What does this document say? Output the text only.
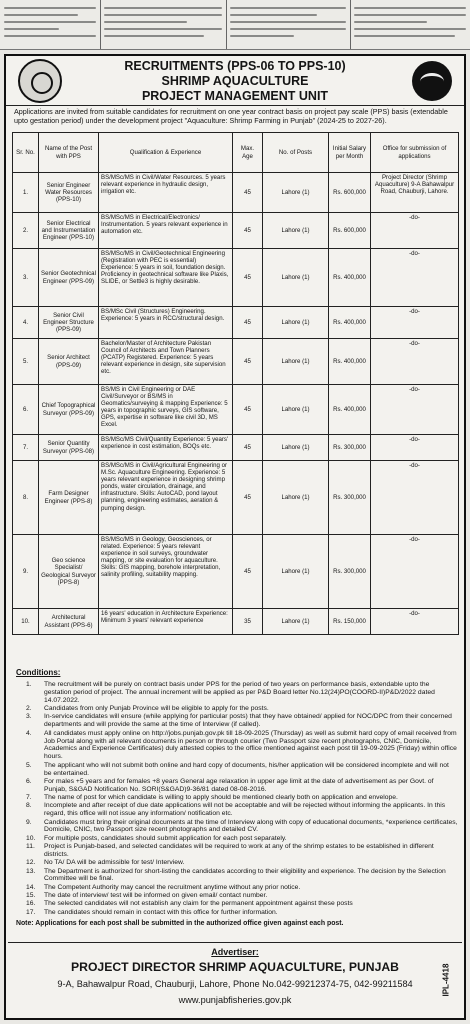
RECRUITMENTS (PPS-06 TO PPS-10)
SHRIMP AQUACULTURE
PROJECT MANAGEMENT UNIT
Applications are invited from suitable candidates for recruitment on one year contract basis on project pay scale (PPS) basis (extendable upto gestation period) under the development project "Aquaculture: Shrimp Farming in Punjab" (2024-25 to 2027-26).
Sr. No.	Name of the Post with PPS	Qualification & Experience	Max. Age	No. of Posts	Initial Salary per Month	Office for submission of applications
1.	Senior Engineer Water Resources (PPS-10)	BS/MSc/MS in Civil/Water Resources. 5 years relevant experience in hydraulic design, irrigation etc.	45	Lahore (1)	Rs. 600,000	Project Director (Shrimp Aquaculture) 9-A Bahawalpur Road, Chauburji, Lahore.
2.	Senior Electrical and Instrumentation Engineer (PPS-10)	BS/MSc/MS in Electrical/Electronics/ Instrumentation. 5 years relevant experience in automation etc.	45	Lahore (1)	Rs. 600,000	-do-
3.	Senior Geotechnical Engineer (PPS-09)	BS/MSc/MS in Civil/Geotechnical Engineering (Registration with PEC is essential) Experience: 5 years in soil, foundation design. Proficiency in geotechnical software like Plaxis, SLIDE, or Settle3 is highly desirable.	45	Lahore (1)	Rs. 400,000	-do-
4.	Senior Civil Engineer Structure (PPS-09)	BS/MSc Civil (Structures) Engineering. Experience: 5 years in RCC/structural design.	45	Lahore (1)	Rs. 400,000	-do-
5.	Senior Architect (PPS-09)	Bachelor/Master of Architecture Pakistan Council of Architects and Town Planners (PCATP) Registered. Experience: 5 years relevant experience in design, site supervision etc.	45	Lahore (1)	Rs. 400,000	-do-
6.	Chief Topographical Surveyor (PPS-09)	BS/MS in Civil Engineering or DAE Civil/Surveyor or BS/MS in Geomatics/surveying & mapping Experience: 5 years in topographic surveys, GIS software, GPS, expertise in software like civil 3D, MS Excel.	45	Lahore (1)	Rs. 400,000	-do-
7.	Senior Quantity Surveyor (PPS-08)	BS/MSc/MS Civil/Quantity Experience: 5 years' experience in cost estimation, BOQs etc.	45	Lahore (1)	Rs. 300,000	-do-
8.	Farm Designer Engineer (PPS-8)	BS/MSc/MS in Civil/Agricultural Engineering or M.Sc. Aquaculture Engineering. Experience: 5 years relevant experience in designing shrimp ponds, water circulation, drainage, and infrastructure. Skills: AutoCAD, pond layout planning, engineering estimates, aeration & pumping design.	45	Lahore (1)	Rs. 300,000	-do-
9.	Geo science Specialist/ Geological Surveyor (PPS-8)	BS/MSc/MS in Geology, Geosciences, or related. Experience: 5 years relevant experience in soil surveys, groundwater mapping, or site evaluation for aquaculture. Skills: GIS mapping, borehole interpretation, salinity profiling, suitability mapping.	45	Lahore (1)	Rs. 300,000	-do-
10.	Architectural Assistant (PPS-6)	16 years' education in Architecture Experience: Minimum 3 years' relevant experience	35	Lahore (1)	Rs. 150,000	-do-
Conditions:
1. The recruitment will be purely on contract basis under PPS for the period of two years on performance basis, extendable upto the gestation period of project. The annual increment will be applied as per P&D Board letter No.12(24)PO(COORD-II)P&D/2022 dated 14.07.2022.
2. Candidates from only Punjab Province will be eligible to apply for the posts.
3. In-service candidates will ensure (while applying for particular posts) that they have obtained/ applied for NOC/DPC from their concerned departments and will provide the same at the time of Interview (if called).
4. All candidates must apply online on http://jobs.punjab.gov.pk till 18-09-2025 (Thursday) as well as submit hard copy of email received from Job Portal along with all relevant documents in person or through courier (Two Passport size recent photographs, CNIC, Domicile, Academics and Experience Certificates) duly attested copies to the office mentioned against each post till 19-09-2025 (Friday) within office hours.
5. The applicant who will not submit both online and hard copy of documents, his/her application will be considered incomplete and will not be entertained.
6. For males +5 years and for females +8 years General age relaxation in upper age limit at the date of advertisement as per Govt. of Punjab, S&GAD Notification No. SORI(S&GAD)9-36/81 dated 08-08-2016.
7. The name of post for which candidate is willing to apply should be mentioned clearly both on application and envelope.
8. Incomplete and after receipt of due date applications will not be acceptable and will be rejected without informing the applicants. In this regard, this office will not issue any information/ notification etc.
9. Candidates must bring their original documents at the time of Interview along with copy of educational documents, *experience certificates, Domicile, CNIC, two Passport size recent photographs and detailed CV.
10. For multiple posts, candidates should submit application for each post separately.
11. Project is Punjab-based, and selected candidates will be required to work at any of the shrimp estates to be established in different districts.
12. No TA/ DA will be admissible for test/ Interview.
13. The Department is authorized for short-listing the candidates according to their eligibility and experience. The decision by the Selection Committee will be final.
14. The Competent Authority may cancel the recruitment anytime without any prior notice.
15. The date of interview/ test will be informed on given email/ contact number.
16. The selected candidates will not establish any claim for the permanent appointment against these posts
17. The candidates should remain in contact with this office for further information.
Note: Applications for each post shall be submitted in the authorized office given against each post.
Advertiser:
PROJECT DIRECTOR SHRIMP AQUACULTURE, PUNJAB
9-A, Bahawalpur Road, Chauburji, Lahore, Phone No.042-99212374-75, 042-99211584
www.punjabfisheries.gov.pk
IPL-4418
